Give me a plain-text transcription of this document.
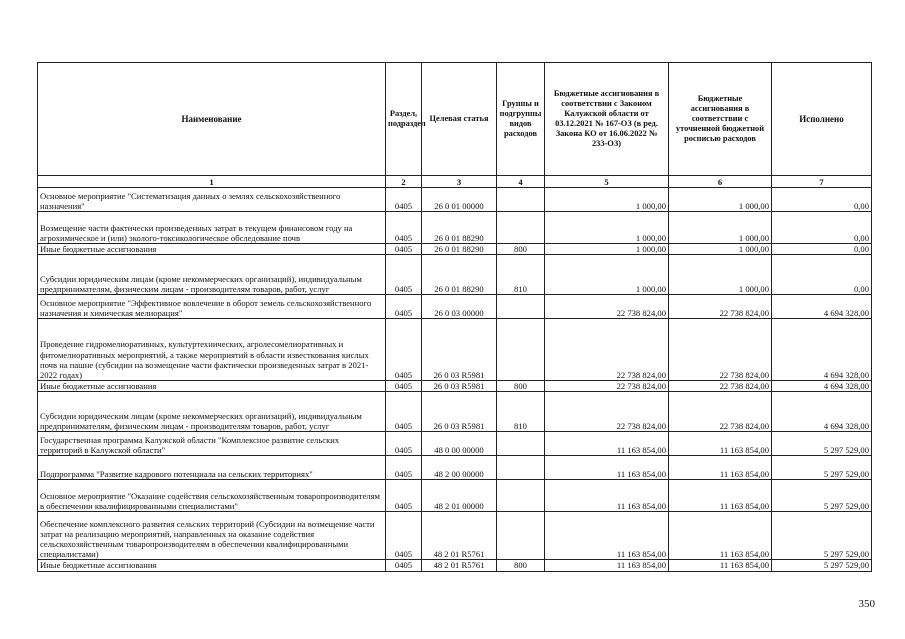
Наименование	Раздел, подраздел	Целевая статья	Группы и подгруппы видов расходов	Бюджетные ассигнования в соответствии с Законом Калужской области от 03.12.2021 № 167-ОЗ (в ред. Закона КО от 16.06.2022 № 233-ОЗ)	Бюджетные ассигнования в соответствии с уточненной бюджетной росписью расходов	Исполнено
1	2	3	4	5	6	7
Основное мероприятие "Систематизация данных о землях сельскохозяйственного назначения"	0405	26 0 01 00000		1 000,00	1 000,00	0,00
Возмещение части фактически произведенных затрат в текущем финансовом году на агрохимическое и (или) эколого-токсикологическое обследование почв	0405	26 0 01 88290		1 000,00	1 000,00	0,00
Иные бюджетные ассигнования	0405	26 0 01 88290	800	1 000,00	1 000,00	0,00
Субсидии юридическим лицам (кроме некоммерческих организаций), индивидуальным предпринимателям, физическим лицам - производителям товаров, работ, услуг	0405	26 0 01 88290	810	1 000,00	1 000,00	0,00
Основное мероприятие "Эффективное вовлечение в оборот земель сельскохозяйственного назначения и химическая мелиорация"	0405	26 0 03 00000		22 738 824,00	22 738 824,00	4 694 328,00
Проведение гидромелиоративных, культуртехнических, агролесомелиоративных и фитомелиоративных мероприятий, а также мероприятий в области известкования кислых почв на пашне (субсидии на возмещение части фактически произведенных затрат в 2021-2022 годах)	0405	26 0 03 R5981		22 738 824,00	22 738 824,00	4 694 328,00
Иные бюджетные ассигнования	0405	26 0 03 R5981	800	22 738 824,00	22 738 824,00	4 694 328,00
Субсидии юридическим лицам (кроме некоммерческих организаций), индивидуальным предпринимателям, физическим лицам - производителям товаров, работ, услуг	0405	26 0 03 R5981	810	22 738 824,00	22 738 824,00	4 694 328,00
Государственная программа Калужской области "Комплексное развитие сельских территорий в Калужской области"	0405	48 0 00 00000		11 163 854,00	11 163 854,00	5 297 529,00
Подпрограмма "Развитие кадрового потенциала на сельских территориях"	0405	48 2 00 00000		11 163 854,00	11 163 854,00	5 297 529,00
Основное мероприятие "Оказание содействия сельскохозяйственным товаропроизводителям в обеспечении квалифицированными специалистами"	0405	48 2 01 00000		11 163 854,00	11 163 854,00	5 297 529,00
Обеспечение комплексного развития сельских территорий (Субсидии на возмещение части затрат на реализацию мероприятий, направленных на оказание содействия сельскохозяйственным товаропроизводителям в обеспечении квалифицированными специалистами)	0405	48 2 01 R5761		11 163 854,00	11 163 854,00	5 297 529,00
Иные бюджетные ассигнования	0405	48 2 01 R5761	800	11 163 854,00	11 163 854,00	5 297 529,00
350
